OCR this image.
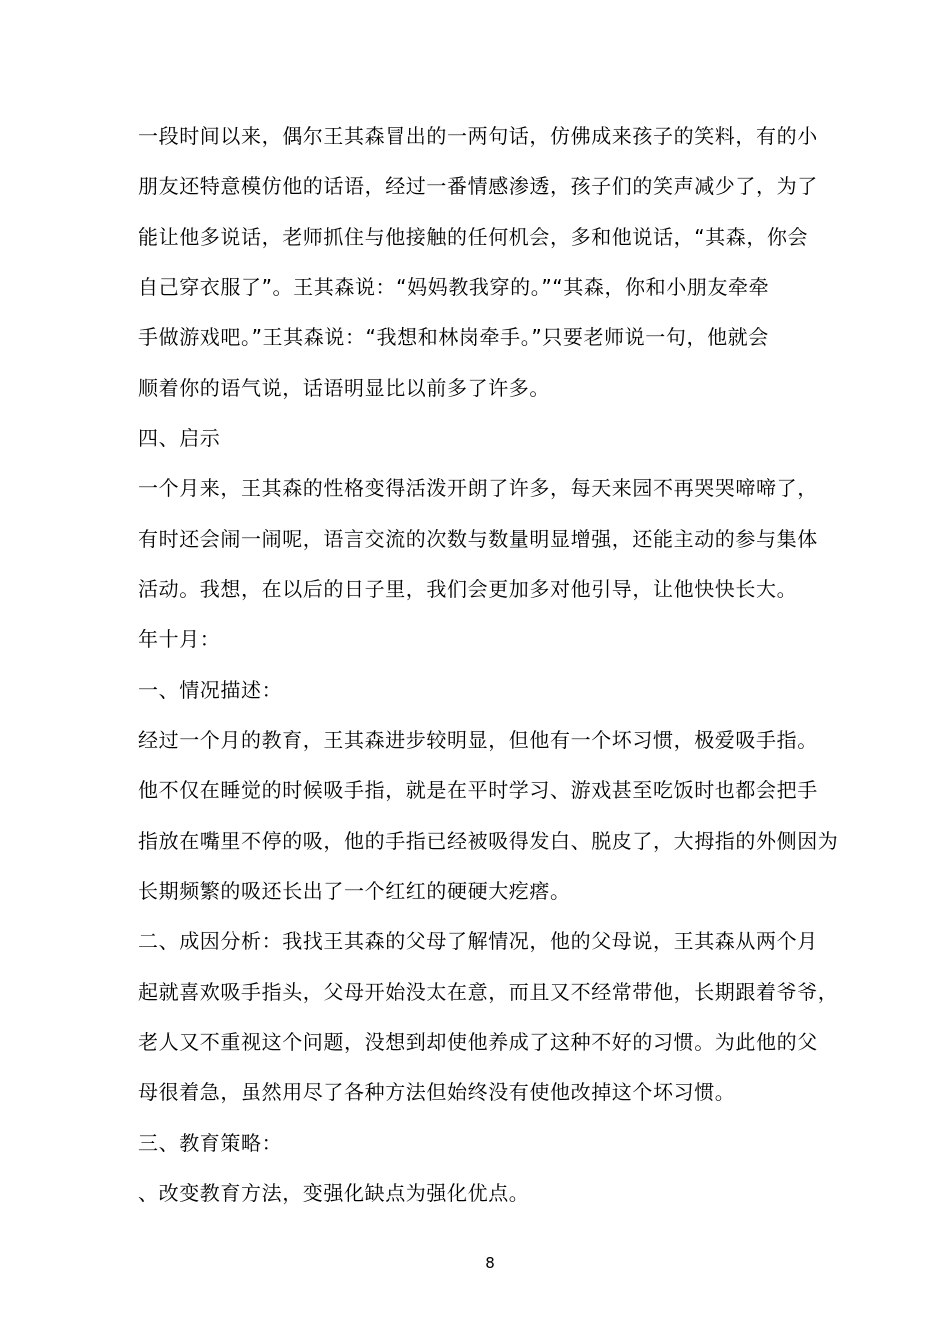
一段时间以来，偶尔王其森冒出的一两句话，仿佛成来孩子的笑料，有的小
朋友还特意模仿他的话语，经过一番情感渗透，孩子们的笑声减少了，为了
能让他多说话，老师抓住与他接触的任何机会，多和他说话，“其森，你会
自己穿衣服了”。王其森说：“妈妈教我穿的。”“其森，你和小朋友牵牵
手做游戏吧。”王其森说：“我想和林岗牵手。”只要老师说一句，他就会
顺着你的语气说，话语明显比以前多了许多。
四、启示
一个月来，王其森的性格变得活泼开朗了许多，每天来园不再哭哭啼啼了，
有时还会闹一闹呢，语言交流的次数与数量明显增强，还能主动的参与集体
活动。我想，在以后的日子里，我们会更加多对他引导，让他快快长大。
年十月：
一、情况描述：
经过一个月的教育，王其森进步较明显，但他有一个坏习惯，极爱吸手指。
他不仅在睡觉的时候吸手指，就是在平时学习、游戏甚至吃饭时也都会把手
指放在嘴里不停的吸，他的手指已经被吸得发白、脱皮了，大拇指的外侧因为
长期频繁的吸还长出了一个红红的硬硬大疙瘩。
二、成因分析：我找王其森的父母了解情况，他的父母说，王其森从两个月
起就喜欢吸手指头，父母开始没太在意，而且又不经常带他，长期跟着爷爷，
老人又不重视这个问题，没想到却使他养成了这种不好的习惯。为此他的父
母很着急，虽然用尽了各种方法但始终没有使他改掉这个坏习惯。
三、教育策略：
、改变教育方法，变强化缺点为强化优点。
8
